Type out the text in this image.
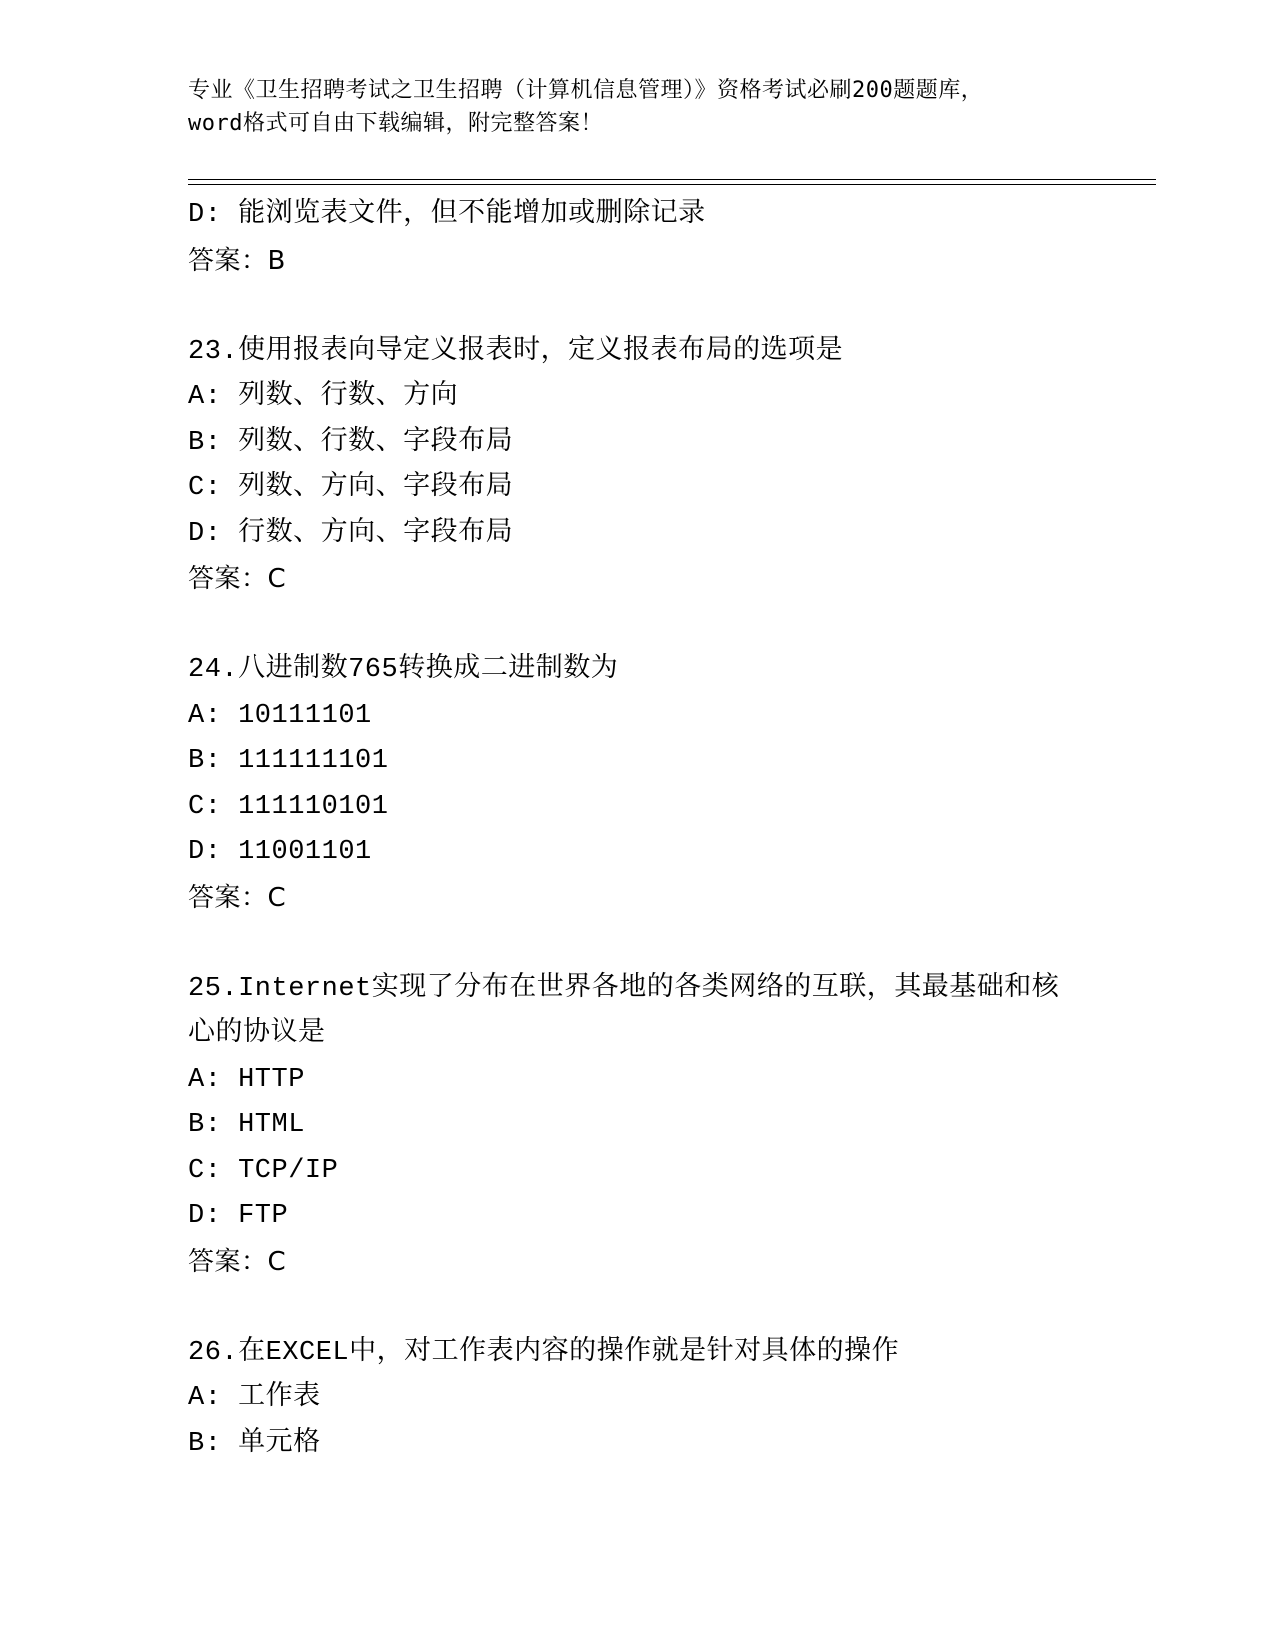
专业《卫生招聘考试之卫生招聘（计算机信息管理）》资格考试必刷200题题库，
word格式可自由下载编辑，附完整答案！
D: 能浏览表文件，但不能增加或删除记录
答案：B
23.使用报表向导定义报表时，定义报表布局的选项是
A: 列数、行数、方向
B: 列数、行数、字段布局
C: 列数、方向、字段布局
D: 行数、方向、字段布局
答案：C
24.八进制数765转换成二进制数为
A: 10111101
B: 111111101
C: 111110101
D: 11001101
答案：C
25.Internet实现了分布在世界各地的各类网络的互联，其最基础和核
心的协议是
A: HTTP
B: HTML
C: TCP/IP
D: FTP
答案：C
26.在EXCEL中，对工作表内容的操作就是针对具体的操作
A: 工作表
B: 单元格
